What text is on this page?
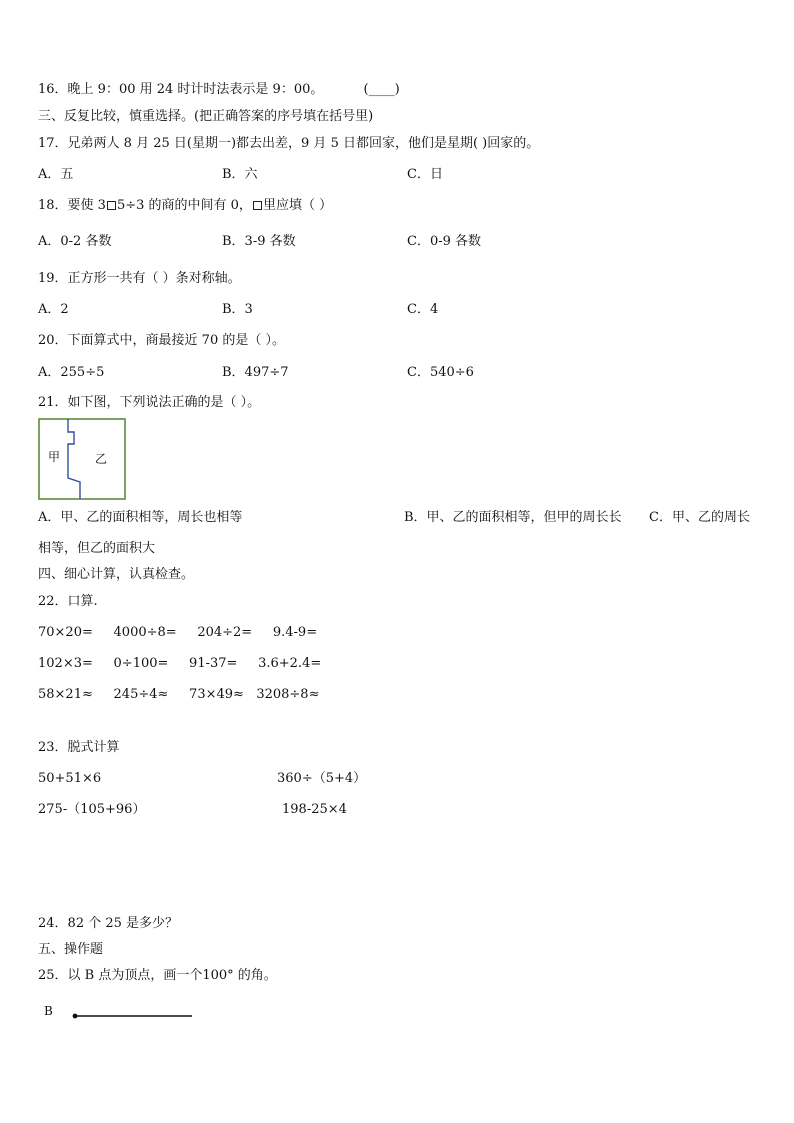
16．晚上 9：00 用 24 时计时法表示是 9：00。	(____)
三、反复比较，慎重选择。(把正确答案的序号填在括号里)
17．兄弟两人 8 月 25 日(星期一)都去出差，9 月 5 日都回家，他们是星期( )回家的。
A．五	B．六	C．日
18．要使 3 5÷3 的商的中间有 0， 里应填（ ）
A．0-2 各数	B．3-9 各数	C．0-9 各数
19．正方形一共有（ ）条对称轴。
A．2	B．3	C．4
20．下面算式中，商最接近 70 的是（ ）。
A．255÷5	B．497÷7	C．540÷6
21．如下图，下列说法正确的是（ ）。
甲	乙
A．甲、乙的面积相等，周长也相等	B．甲、乙的面积相等，但甲的周长长 C．甲、乙的周长
相等，但乙的面积大
四、细心计算，认真检查。
22．口算.
70×20=     4000÷8=     204÷2=     9.4-9=
102×3=     0÷100=     91-37=     3.6+2.4=
58×21≈     245÷4≈     73×49≈   3208÷8≈
23．脱式计算
50+51×6	360÷（5+4）
275-（105+96）	198-25×4
24．82 个 25 是多少？
五、操作题
25．以 B 点为顶点，画一个100° 的角。
B
